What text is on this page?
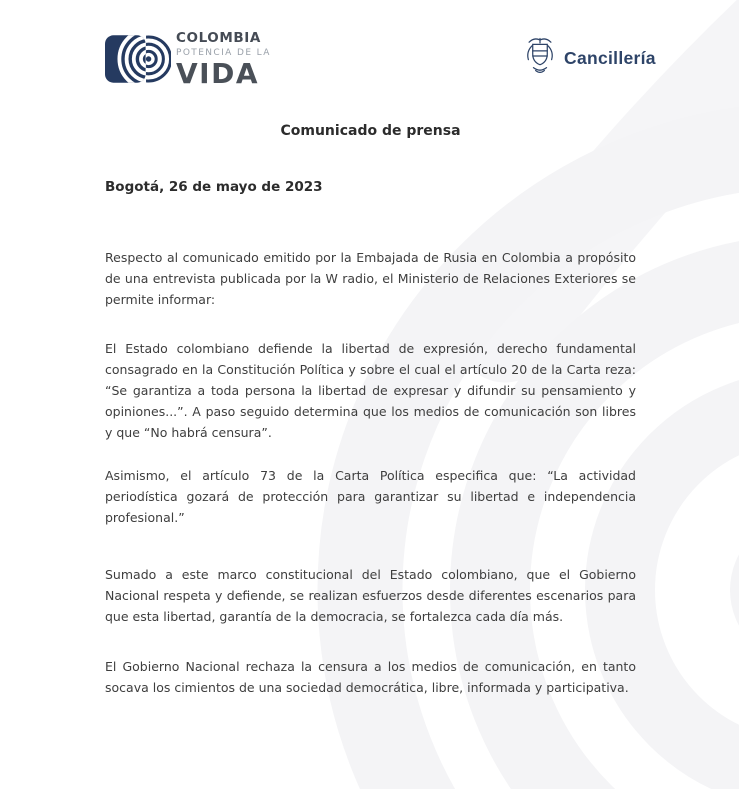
COLOMBIA
POTENCIA DE LA
VIDA	Cancillería
Comunicado de prensa
Bogotá, 26 de mayo de 2023

Respecto al comunicado emitido por la Embajada de Rusia en Colombia a propósito de una entrevista publicada por la W radio, el Ministerio de Relaciones Exteriores se permite informar:

El Estado colombiano defiende la libertad de expresión, derecho fundamental consagrado en la Constitución Política y sobre el cual el artículo 20 de la Carta reza: “Se garantiza a toda persona la libertad de expresar y difundir su pensamiento y opiniones...”. A paso seguido determina que los medios de comunicación son libres y que “No habrá censura”.

Asimismo, el artículo 73 de la Carta Política especifica que: “La actividad periodística gozará de protección para garantizar su libertad e independencia profesional.”

Sumado a este marco constitucional del Estado colombiano, que el Gobierno Nacional respeta y defiende, se realizan esfuerzos desde diferentes escenarios para que esta libertad, garantía de la democracia, se fortalezca cada día más.

El Gobierno Nacional rechaza la censura a los medios de comunicación, en tanto socava los cimientos de una sociedad democrática, libre, informada y participativa.
